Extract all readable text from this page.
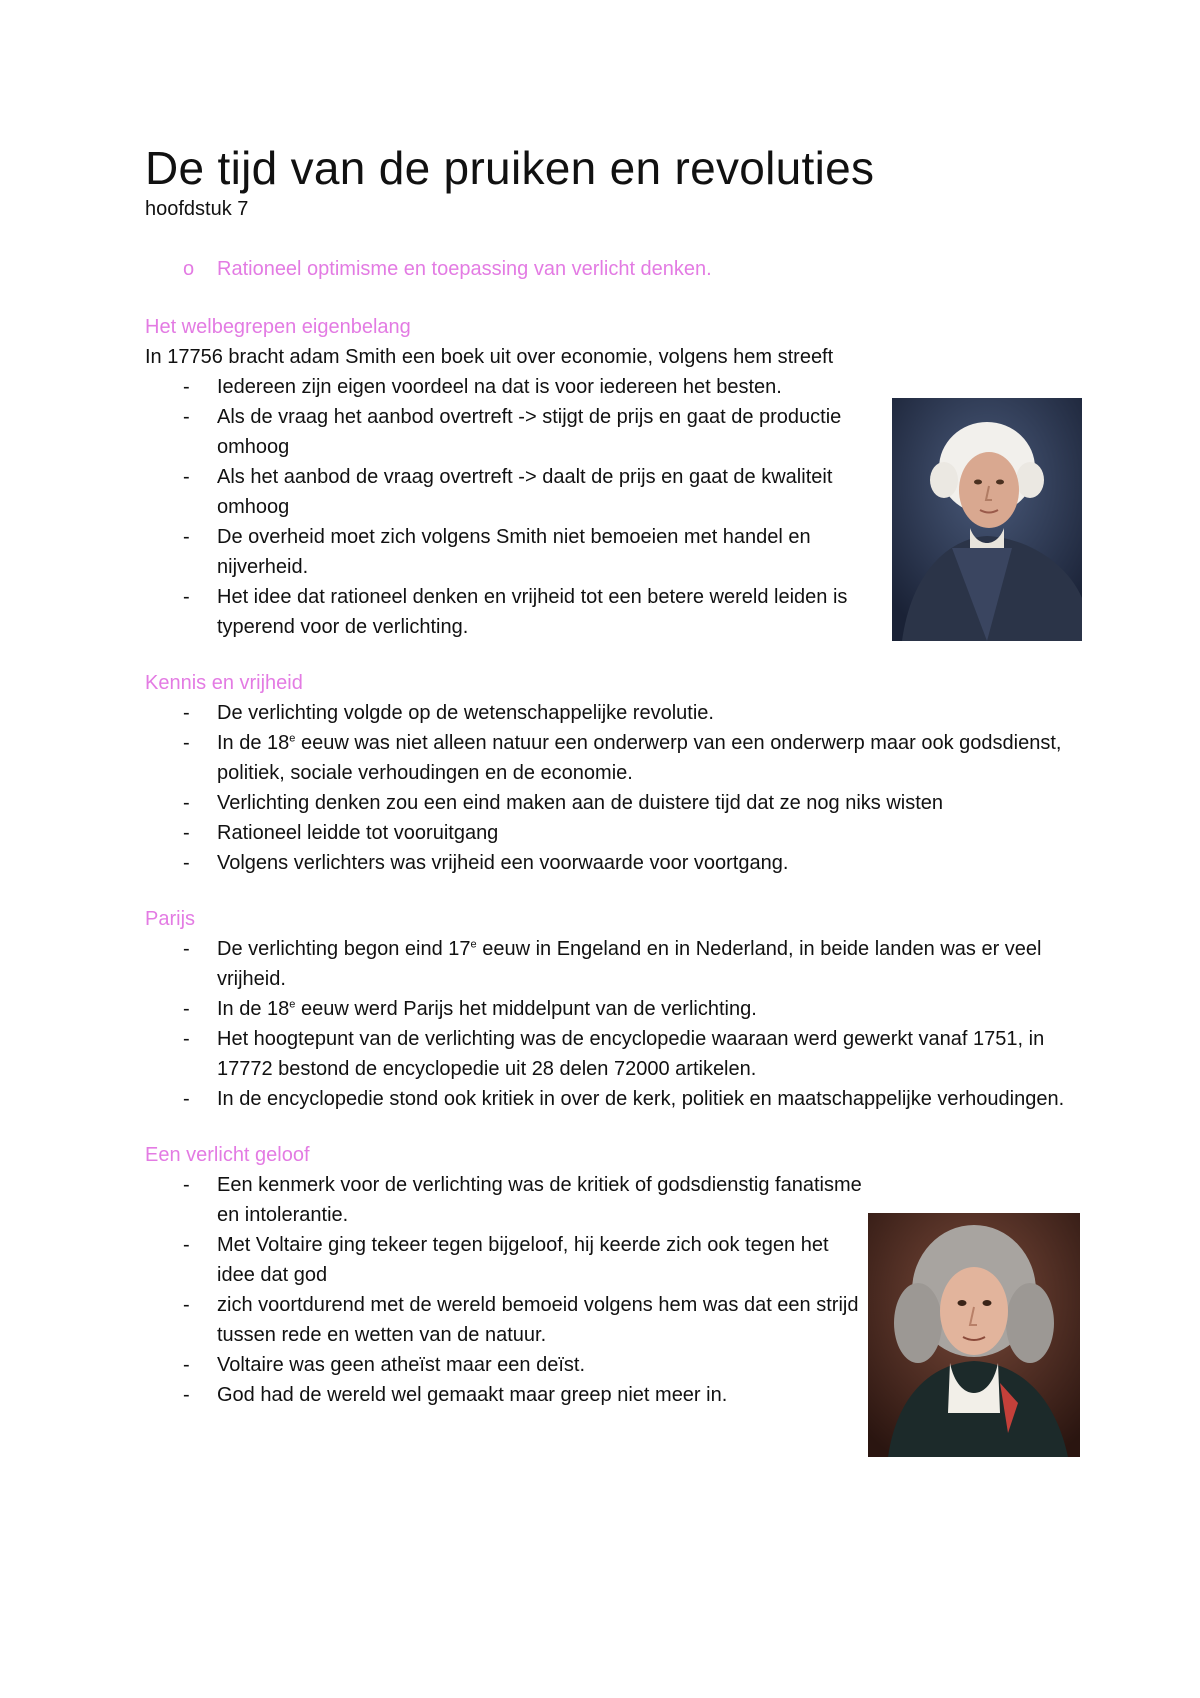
De tijd van de pruiken en revoluties

hoofdstuk 7

o Rationeel optimisme en toepassing van verlicht denken.

Het welbegrepen eigenbelang

In 17756 bracht adam Smith een boek uit over economie, volgens hem streeft

- Iedereen zijn eigen voordeel na dat is voor iedereen het besten.
- Als de vraag het aanbod overtreft -> stijgt de prijs en gaat de productie omhoog
- Als het aanbod de vraag overtreft -> daalt de prijs en gaat de kwaliteit omhoog
- De overheid moet zich volgens Smith niet bemoeien met handel en nijverheid.
- Het idee dat rationeel denken en vrijheid tot een betere wereld leiden is typerend voor de verlichting.

Kennis en vrijheid

- De verlichting volgde op de wetenschappelijke revolutie.
- In de 18e eeuw was niet alleen natuur een onderwerp van een onderwerp maar ook godsdienst, politiek, sociale verhoudingen en de economie.
- Verlichting denken zou een eind maken aan de duistere tijd dat ze nog niks wisten
- Rationeel leidde tot vooruitgang
- Volgens verlichters was vrijheid een voorwaarde voor voortgang.

Parijs

- De verlichting begon eind 17e eeuw in Engeland en in Nederland, in beide landen was er veel vrijheid.
- In de 18e eeuw werd Parijs het middelpunt van de verlichting.
- Het hoogtepunt van de verlichting was de encyclopedie waaraan werd gewerkt vanaf 1751, in 17772 bestond de encyclopedie uit 28 delen 72000 artikelen.
- In de encyclopedie stond ook kritiek in over de kerk, politiek en maatschappelijke verhoudingen.

Een verlicht geloof

- Een kenmerk voor de verlichting was de kritiek of godsdienstig fanatisme en intolerantie.
- Met Voltaire ging tekeer tegen bijgeloof, hij keerde zich ook tegen het idee dat god
- zich voortdurend met de wereld bemoeid volgens hem was dat een strijd tussen rede en wetten van de natuur.
- Voltaire was geen atheïst maar een deïst.
- God had de wereld wel gemaakt maar greep niet meer in.
